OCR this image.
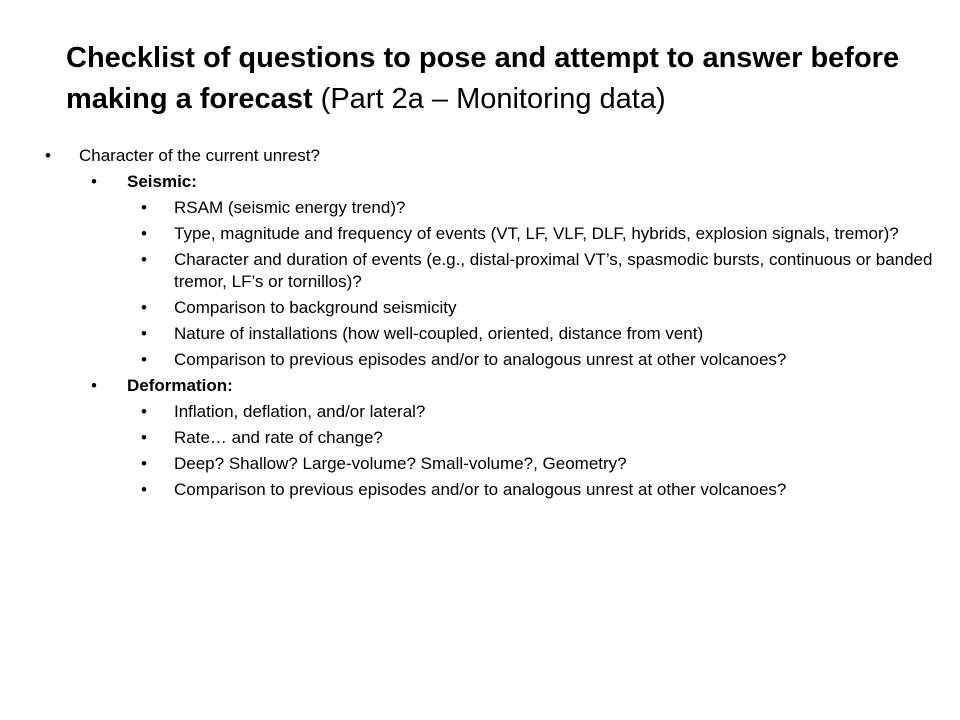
Checklist of questions to pose and attempt to answer before making a forecast (Part 2a – Monitoring data)
• Character of the current unrest?
• Seismic:
• RSAM (seismic energy trend)?
• Type, magnitude and frequency of events (VT, LF, VLF, DLF, hybrids, explosion signals, tremor)?
• Character and duration of events (e.g., distal-proximal VT’s, spasmodic bursts, continuous or banded tremor, LF’s or tornillos)?
• Comparison to background seismicity
• Nature of installations (how well-coupled, oriented, distance from vent)
• Comparison to previous episodes and/or to analogous unrest at other volcanoes?
• Deformation:
• Inflation, deflation, and/or lateral?
• Rate… and rate of change?
• Deep? Shallow? Large-volume? Small-volume?, Geometry?
• Comparison to previous episodes and/or to analogous unrest at other volcanoes?
